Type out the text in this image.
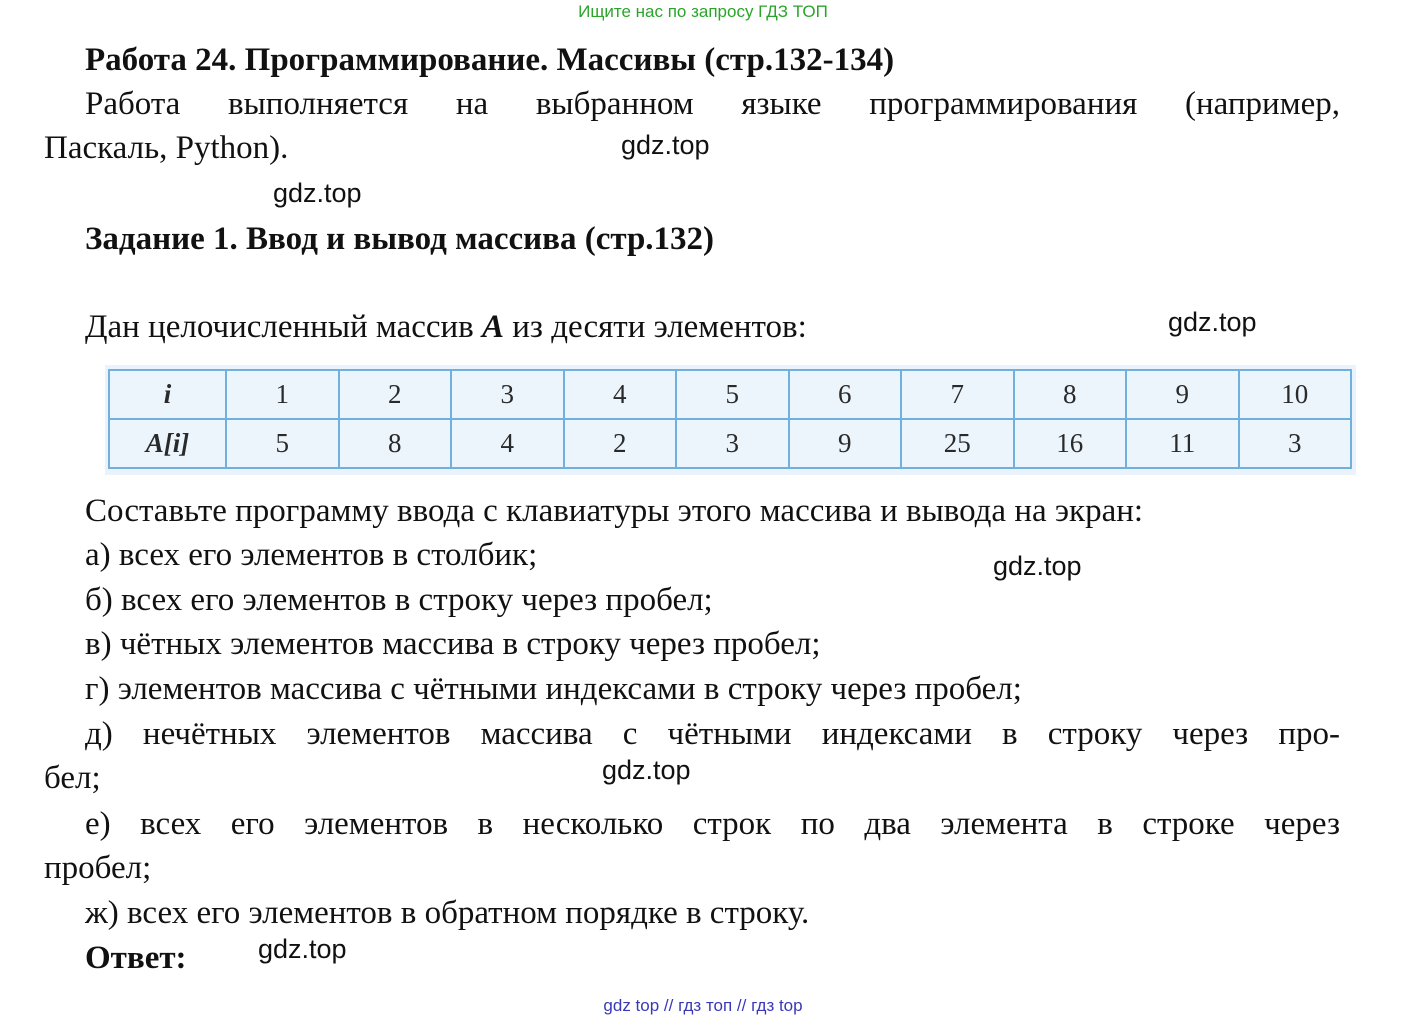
Ищите нас по запросу ГДЗ ТОП
Работа 24. Программирование. Массивы (стр.132-134)
Работа выполняется на выбранном языке программирования (например,
Паскаль, Python).
Задание 1. Ввод и вывод массива (стр.132)
Дан целочисленный массив A из десяти элементов:
i	1	2	3	4	5	6	7	8	9	10
A[i]	5	8	4	2	3	9	25	16	11	3
Составьте программу ввода с клавиатуры этого массива и вывода на экран:
а) всех его элементов в столбик;
б) всех его элементов в строку через пробел;
в) чётных элементов массива в строку через пробел;
г) элементов массива с чётными индексами в строку через пробел;
д) нечётных элементов массива с чётными индексами в строку через про-
бел;
е) всех его элементов в несколько строк по два элемента в строке через
пробел;
ж) всех его элементов в обратном порядке в строку.
Ответ:
gdz.top
gdz.top
gdz.top
gdz.top
gdz.top
gdz.top
gdz top // гдз топ // гдз top
